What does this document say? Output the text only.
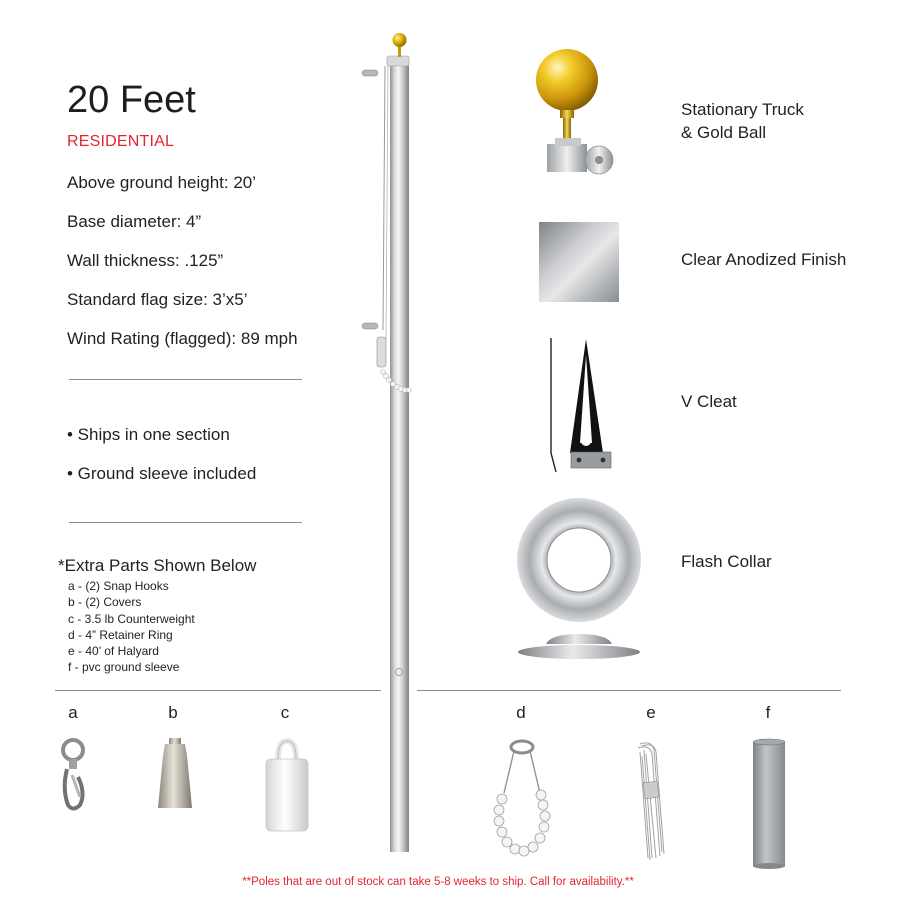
20 Feet
RESIDENTIAL
Above ground height: 20’
Base diameter: 4”
Wall thickness: .125”
Standard flag size: 3’x5’
Wind Rating (flagged): 89 mph
• Ships in one section
• Ground sleeve included
*Extra Parts Shown Below
a - (2) Snap Hooks
b - (2) Covers
c - 3.5 lb Counterweight
d - 4” Retainer Ring
e - 40’ of Halyard
f - pvc ground sleeve
Stationary Truck
& Gold Ball
Clear Anodized Finish
V Cleat
Flash Collar
a	b	c	d	e	f
**Poles that are out of stock can take 5-8 weeks to ship. Call for availability.**
